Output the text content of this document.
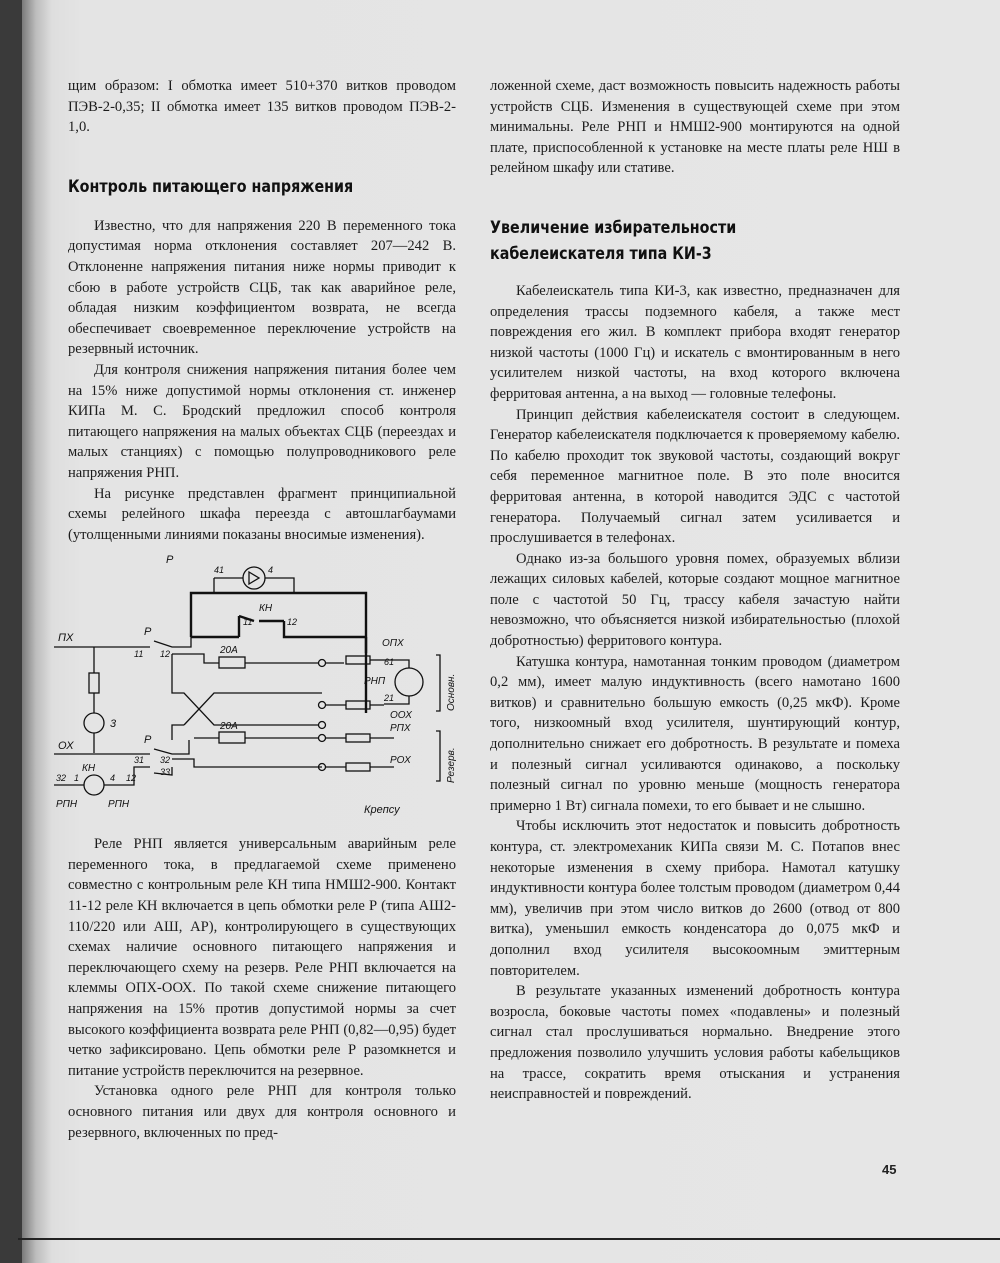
щим образом: I обмотка имеет 510+370 витков проводом ПЭВ-2-0,35; II обмотка имеет 135 витков проводом ПЭВ-2-1,0.

Контроль питающего напряжения

Известно, что для напряжения 220 В переменного тока допустимая норма отклонения составляет 207—242 В. Отклоненне напряжения питания ниже нормы приводит к сбою в работе устройств СЦБ, так как аварийное реле, обладая низким коэффициентом возврата, не всегда обеспечивает своевременное переключение устройств на резервный источник.

Для контроля снижения напряжения питания более чем на 15% ниже допустимой нормы отклонения ст. инженер КИПа М. С. Бродский предложил способ контроля питающего напряжения на малых объектах СЦБ (переездах и малых станциях) с помощью полупроводникового реле напряжения РНП.

На рисунке представлен фрагмент принципиальной схемы релейного шкафа переезда с автошлагбаумами (утолщенными линиями показаны вносимые изменения).

Р
41	4
КН
11	12
ПХ	Р
11 12	20А
ОПХ
61
РНП
21	Основн.
ООХ
20А
3	РПХ
Резерв.
ОХ	Р
31 32
33
РОХ
32
КН
1	4 12
РПН	РПН	Крепсу

Реле РНП является универсальным аварийным реле переменного тока, в предлагаемой схеме применено совместно с контрольным реле КН типа НМШ2-900. Контакт 11-12 реле КН включается в цепь обмотки реле Р (типа АШ2-110/220 или АШ, АР), контролирующего в существующих схемах наличие основного питающего напряжения и переключающего схему на резерв. Реле РНП включается на клеммы ОПХ-ООХ. По такой схеме снижение питающего напряжения на 15% против допустимой нормы за счет высокого коэффициента возврата реле РНП (0,82—0,95) будет четко зафиксировано. Цепь обмотки реле Р разомкнется и питание устройств переключится на резервное.

Установка одного реле РНП для контроля только основного питания или двух для контроля основного и резервного, включенных по пред-

ложенной схеме, даст возможность повысить надежность работы устройств СЦБ. Изменения в существующей схеме при этом минимальны. Реле РНП и НМШ2-900 монтируются на одной плате, приспособленной к установке на месте платы реле НШ в релейном шкафу или стативе.

Увеличение избирательности
кабелеискателя типа КИ-3

Кабелеискатель типа КИ-3, как известно, предназначен для определения трассы подземного кабеля, а также мест повреждения его жил. В комплект прибора входят генератор низкой частоты (1000 Гц) и искатель с вмонтированным в него усилителем низкой частоты, на вход которого включена ферритовая антенна, а на выход — головные телефоны.

Принцип действия кабелеискателя состоит в следующем. Генератор кабелеискателя подключается к проверяемому кабелю. По кабелю проходит ток звуковой частоты, создающий вокруг себя переменное магнитное поле. В это поле вносится ферритовая антенна, в которой наводится ЭДС с частотой генератора. Получаемый сигнал затем усиливается и прослушивается в телефонах.

Однако из-за большого уровня помех, образуемых вблизи лежащих силовых кабелей, которые создают мощное магнитное поле с частотой 50 Гц, трассу кабеля зачастую найти невозможно, что объясняется низкой избирательностью (плохой добротностью) ферритового контура.

Катушка контура, намотанная тонким проводом (диаметром 0,2 мм), имеет малую индуктивность (всего намотано 1600 витков) и сравнительно большую емкость (0,25 мкФ). Кроме того, низкоомный вход усилителя, шунтирующий контур, дополнительно снижает его добротность. В результате и помеха и полезный сигнал усиливаются одинаково, а поскольку полезный сигнал по уровню меньше (мощность генератора примерно 1 Вт) сигнала помехи, то его бывает и не слышно.

Чтобы исключить этот недостаток и повысить добротность контура, ст. электромеханик КИПа связи М. С. Потапов внес некоторые изменения в схему прибора. Намотал катушку индуктивности контура более толстым проводом (диаметром 0,44 мм), увеличив при этом число витков до 2600 (отвод от 800 витка), уменьшил емкость конденсатора до 0,075 мкФ и дополнил вход усилителя высокоомным эмиттерным повторителем.

В результате указанных изменений добротность контура возросла, боковые частоты помех «подавлены» и полезный сигнал стал прослушиваться нормально. Внедрение этого предложения позволило улучшить условия работы кабельщиков на трассе, сократить время отыскания и устранения неисправностей и повреждений.

45
